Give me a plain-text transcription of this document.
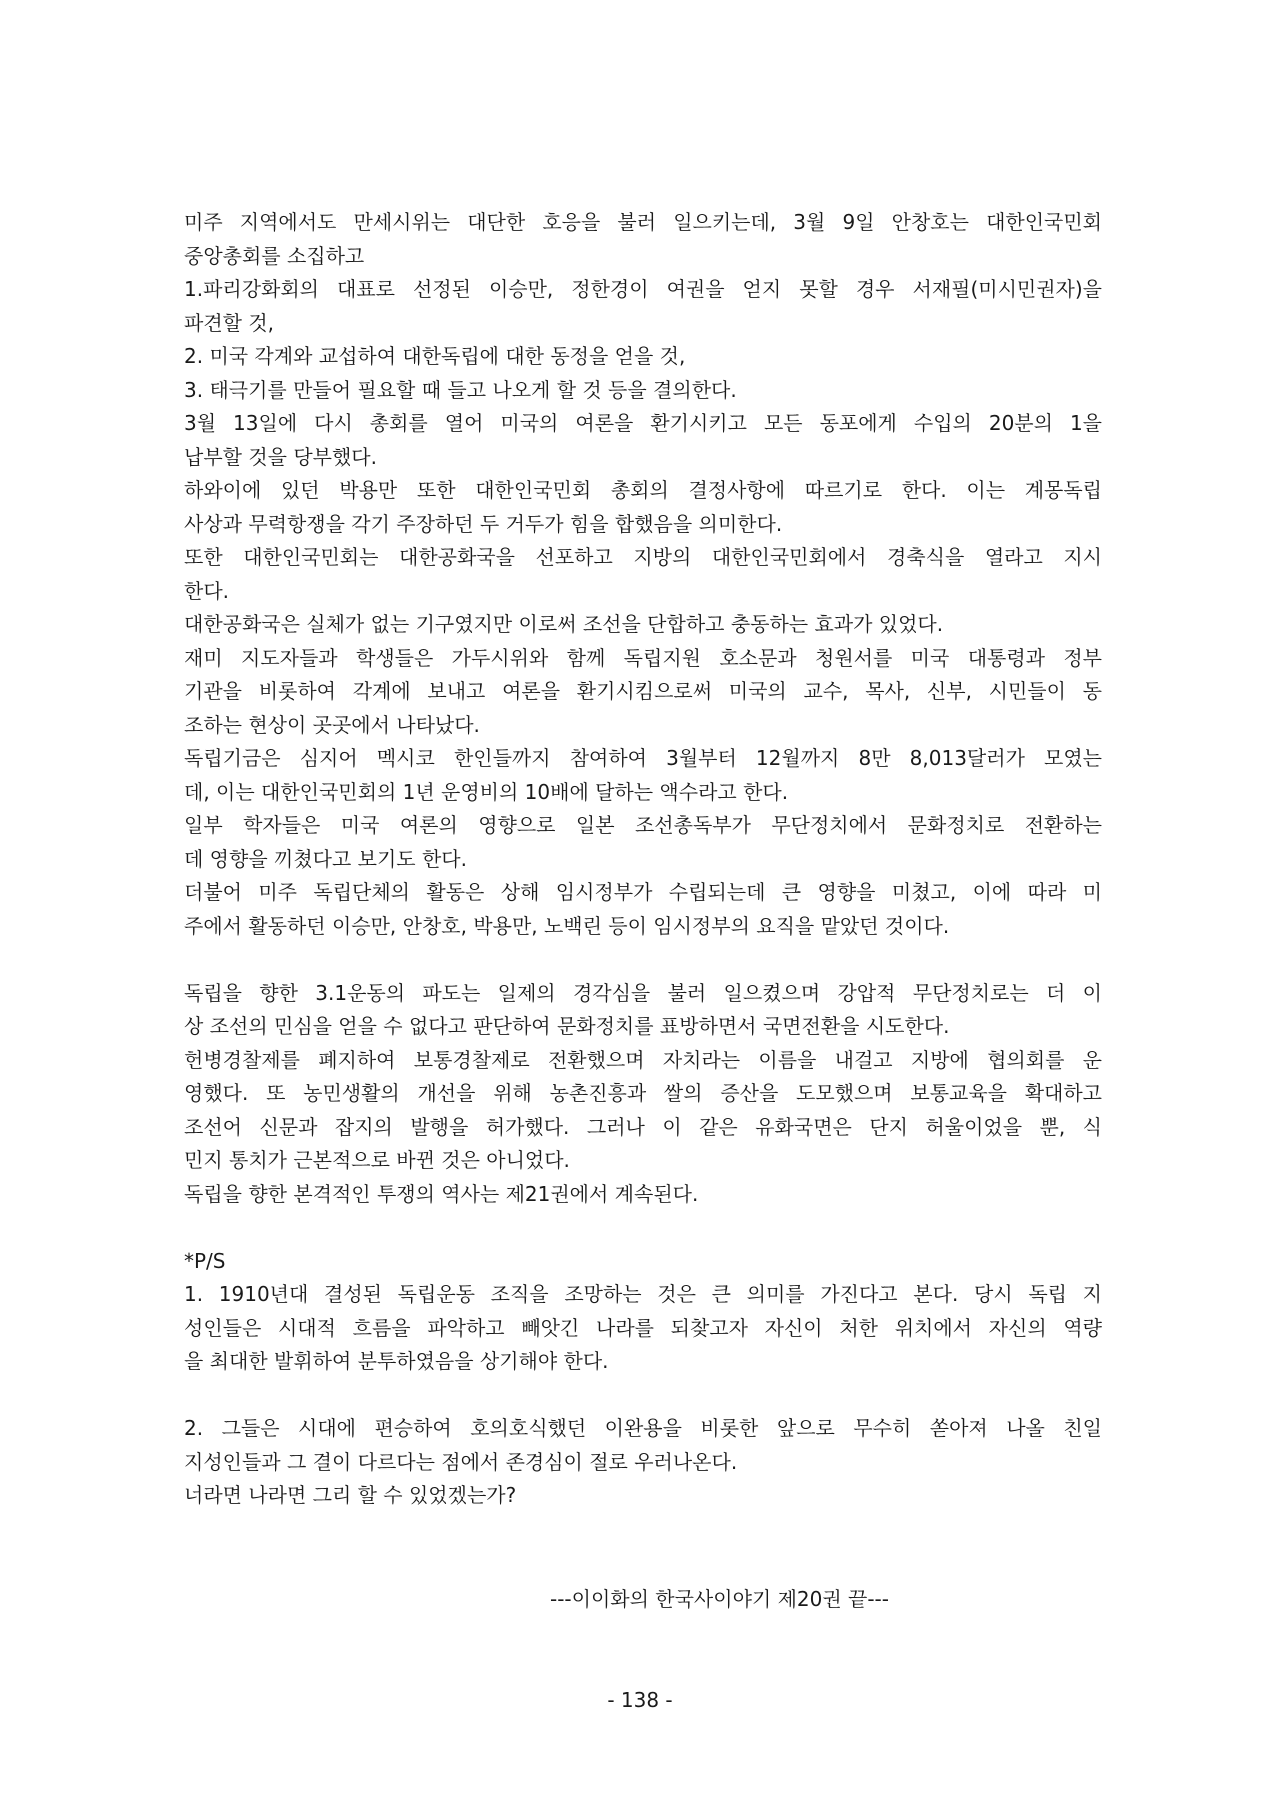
미주 지역에서도 만세시위는 대단한 호응을 불러 일으키는데, 3월 9일 안창호는 대한인국민회
중앙총회를 소집하고
1.파리강화회의 대표로 선정된 이승만, 정한경이 여권을 얻지 못할 경우 서재필(미시민권자)을
파견할 것,
2. 미국 각계와 교섭하여 대한독립에 대한 동정을 얻을 것,
3. 태극기를 만들어 필요할 때 들고 나오게 할 것 등을 결의한다.
3월 13일에 다시 총회를 열어 미국의 여론을 환기시키고 모든 동포에게 수입의 20분의 1을
납부할 것을 당부했다.
하와이에 있던 박용만 또한 대한인국민회 총회의 결정사항에 따르기로 한다. 이는 계몽독립
사상과 무력항쟁을 각기 주장하던 두 거두가 힘을 합했음을 의미한다.
또한 대한인국민회는 대한공화국을 선포하고 지방의 대한인국민회에서 경축식을 열라고 지시
한다.
대한공화국은 실체가 없는 기구였지만 이로써 조선을 단합하고 충동하는 효과가 있었다.
재미 지도자들과 학생들은 가두시위와 함께 독립지원 호소문과 청원서를 미국 대통령과 정부
기관을 비롯하여 각계에 보내고 여론을 환기시킴으로써 미국의 교수, 목사, 신부, 시민들이 동
조하는 현상이 곳곳에서 나타났다.
독립기금은 심지어 멕시코 한인들까지 참여하여 3월부터 12월까지 8만 8,013달러가 모였는
데, 이는 대한인국민회의 1년 운영비의 10배에 달하는 액수라고 한다.
일부 학자들은 미국 여론의 영향으로 일본 조선총독부가 무단정치에서 문화정치로 전환하는
데 영향을 끼쳤다고 보기도 한다.
더불어 미주 독립단체의 활동은 상해 임시정부가 수립되는데 큰 영향을 미쳤고, 이에 따라 미
주에서 활동하던 이승만, 안창호, 박용만, 노백린 등이 임시정부의 요직을 맡았던 것이다.
독립을 향한 3.1운동의 파도는 일제의 경각심을 불러 일으켰으며 강압적 무단정치로는 더 이
상 조선의 민심을 얻을 수 없다고 판단하여 문화정치를 표방하면서 국면전환을 시도한다.
헌병경찰제를 폐지하여 보통경찰제로 전환했으며 자치라는 이름을 내걸고 지방에 협의회를 운
영했다. 또 농민생활의 개선을 위해 농촌진흥과 쌀의 증산을 도모했으며 보통교육을 확대하고
조선어 신문과 잡지의 발행을 허가했다. 그러나 이 같은 유화국면은 단지 허울이었을 뿐, 식
민지 통치가 근본적으로 바뀐 것은 아니었다.
독립을 향한 본격적인 투쟁의 역사는 제21권에서 계속된다.
*P/S
1. 1910년대 결성된 독립운동 조직을 조망하는 것은 큰 의미를 가진다고 본다. 당시 독립 지
성인들은 시대적 흐름을 파악하고 빼앗긴 나라를 되찾고자 자신이 처한 위치에서 자신의 역량
을 최대한 발휘하여 분투하였음을 상기해야 한다.
2. 그들은 시대에 편승하여 호의호식했던 이완용을 비롯한 앞으로 무수히 쏟아져 나올 친일
지성인들과 그 결이 다르다는 점에서 존경심이 절로 우러나온다.
너라면 나라면 그리 할 수 있었겠는가?
---이이화의 한국사이야기 제20권 끝---
- 138 -
